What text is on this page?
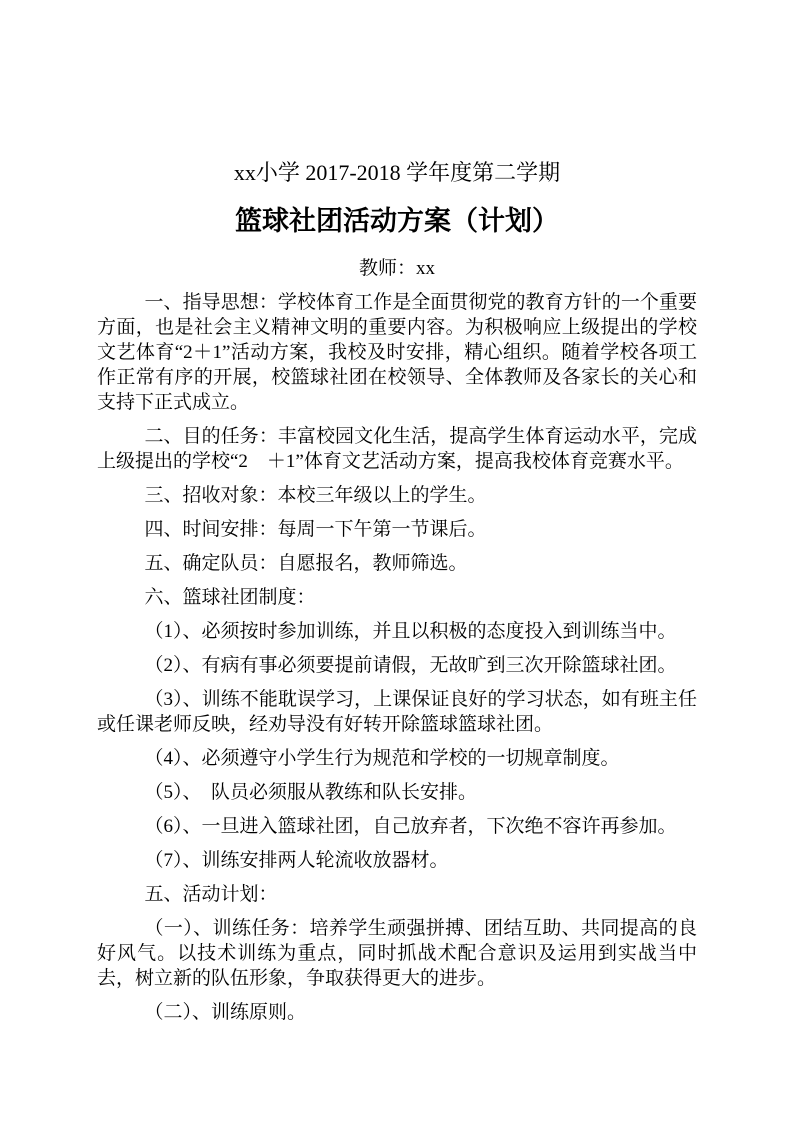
xx小学 2017-2018 学年度第二学期

篮球社团活动方案（计划）

教师：xx

一、指导思想：学校体育工作是全面贯彻党的教育方针的一个重要方面，也是社会主义精神文明的重要内容。为积极响应上级提出的学校文艺体育“2＋1”活动方案，我校及时安排，精心组织。随着学校各项工作正常有序的开展，校篮球社团在校领导、全体教师及各家长的关心和支持下正式成立。

二、目的任务：丰富校园文化生活，提高学生体育运动水平，完成上级提出的学校“2　＋1”体育文艺活动方案，提高我校体育竞赛水平。

三、招收对象：本校三年级以上的学生。

四、时间安排：每周一下午第一节课后。

五、确定队员：自愿报名，教师筛选。

六、篮球社团制度：

（1）、必须按时参加训练，并且以积极的态度投入到训练当中。

（2）、有病有事必须要提前请假，无故旷到三次开除篮球社团。

（3）、训练不能耽误学习，上课保证良好的学习状态，如有班主任或任课老师反映，经劝导没有好转开除篮球篮球社团。

（4）、必须遵守小学生行为规范和学校的一切规章制度。

（5）、　队员必须服从教练和队长安排。

（6）、一旦进入篮球社团，自己放弃者，下次绝不容许再参加。

（7）、训练安排两人轮流收放器材。

五、活动计划：

（一）、训练任务：培养学生顽强拼搏、团结互助、共同提高的良好风气。以技术训练为重点，同时抓战术配合意识及运用到实战当中去，树立新的队伍形象，争取获得更大的进步。

（二）、训练原则。
